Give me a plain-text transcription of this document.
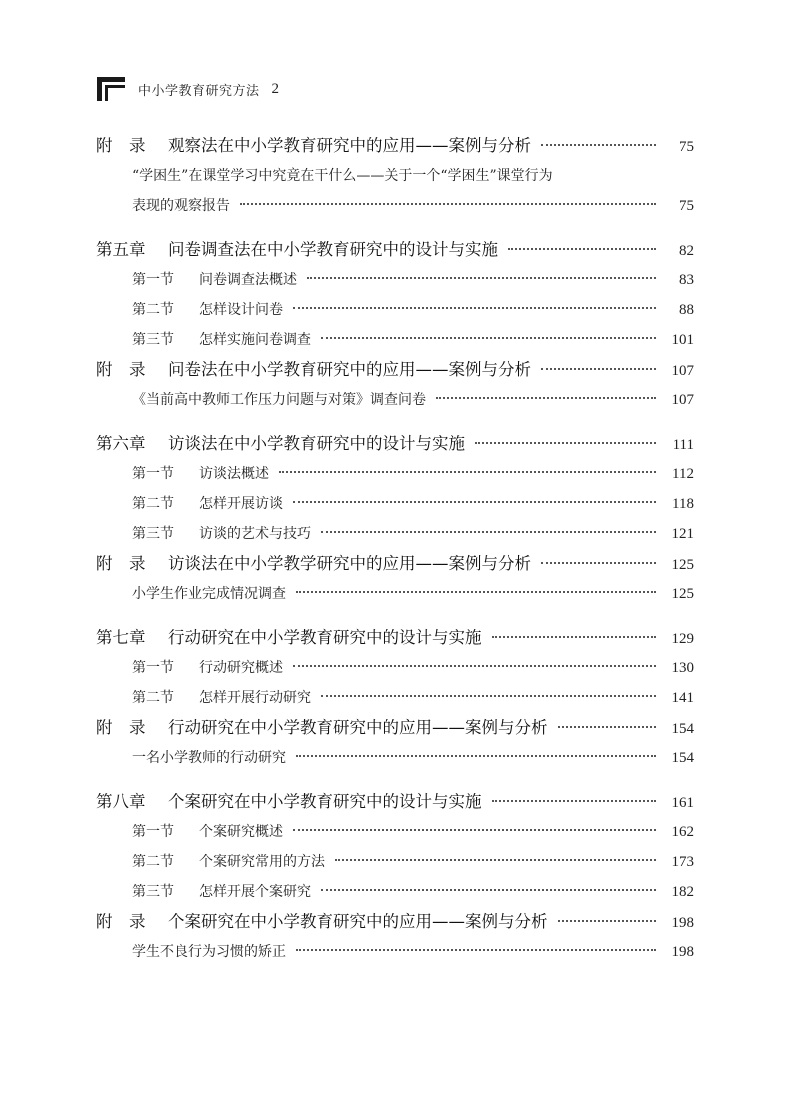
中小学教育研究方法 2
附　录	观察法在中小学教育研究中的应用——案例与分析	75
“学困生”在课堂学习中究竟在干什么——关于一个“学困生”课堂行为
表现的观察报告	75
第五章	问卷调查法在中小学教育研究中的设计与实施	82
第一节	问卷调查法概述	83
第二节	怎样设计问卷	88
第三节	怎样实施问卷调查	101
附　录	问卷法在中小学教育研究中的应用——案例与分析	107
《当前高中教师工作压力问题与对策》调查问卷	107
第六章	访谈法在中小学教育研究中的设计与实施	111
第一节	访谈法概述	112
第二节	怎样开展访谈	118
第三节	访谈的艺术与技巧	121
附　录	访谈法在中小学教学研究中的应用——案例与分析	125
小学生作业完成情况调查	125
第七章	行动研究在中小学教育研究中的设计与实施	129
第一节	行动研究概述	130
第二节	怎样开展行动研究	141
附　录	行动研究在中小学教育研究中的应用——案例与分析	154
一名小学教师的行动研究	154
第八章	个案研究在中小学教育研究中的设计与实施	161
第一节	个案研究概述	162
第二节	个案研究常用的方法	173
第三节	怎样开展个案研究	182
附　录	个案研究在中小学教育研究中的应用——案例与分析	198
学生不良行为习惯的矫正	198
